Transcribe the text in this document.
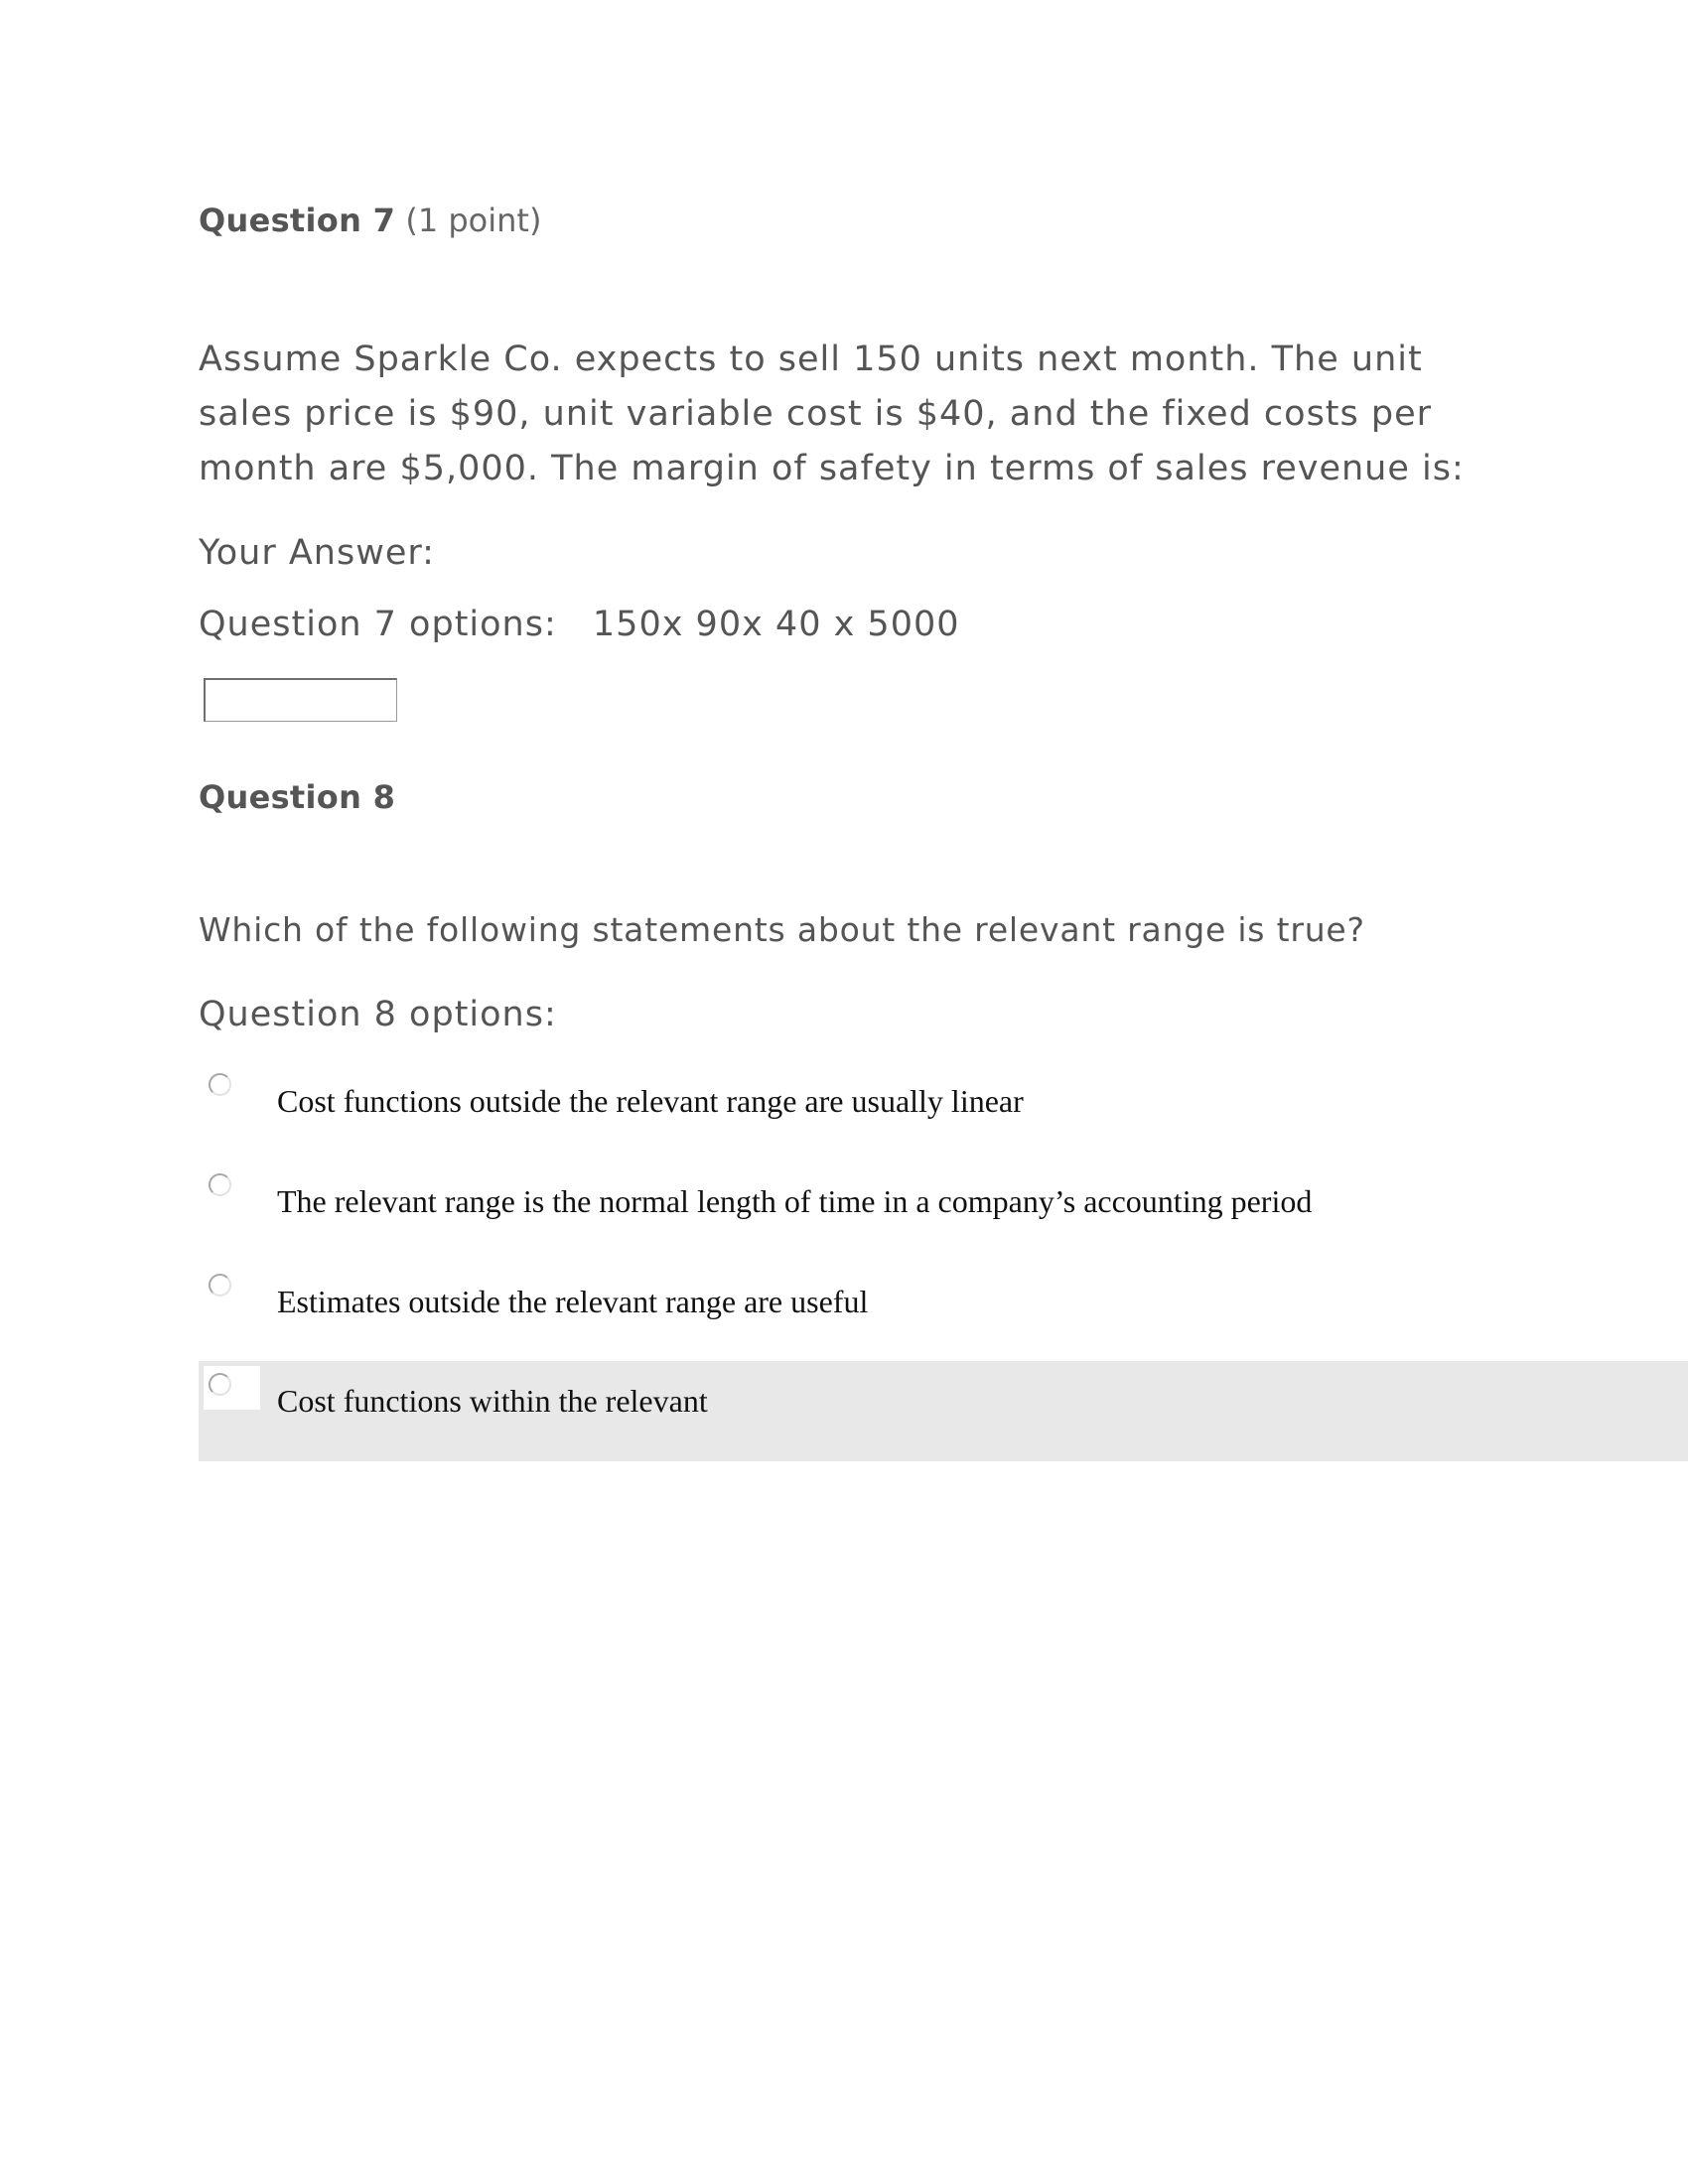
Question 7 (1 point)
Assume Sparkle Co. expects to sell 150 units next month. The unit sales price is $90, unit variable cost is $40, and the fixed costs per month are $5,000. The margin of safety in terms of sales revenue is:
Your Answer:
Question 7 options: 150x 90x 40 x 5000
Question 8
Which of the following statements about the relevant range is true?
Question 8 options:
Cost functions outside the relevant range are usually linear
The relevant range is the normal length of time in a company’s accounting period
Estimates outside the relevant range are useful
Cost functions within the relevant
